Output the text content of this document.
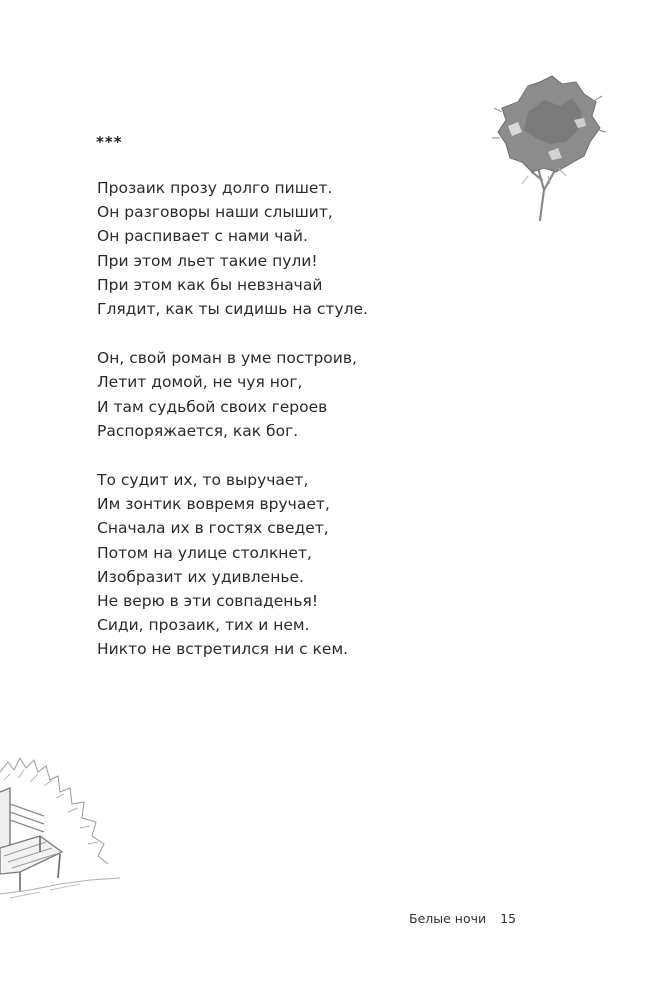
***
Прозаик прозу долго пишет.
Он разговоры наши слышит,
Он распивает с нами чай.
При этом льет такие пули!
При этом как бы невзначай
Глядит, как ты сидишь на стуле.
Он, свой роман в уме построив,
Летит домой, не чуя ног,
И там судьбой своих героев
Распоряжается, как бог.
То судит их, то выручает,
Им зонтик вовремя вручает,
Сначала их в гостях сведет,
Потом на улице столкнет,
Изобразит их удивленье.
Не верю в эти совпаденья!
Сиди, прозаик, тих и нем.
Никто не встретился ни с кем.
Белые ночи 15
